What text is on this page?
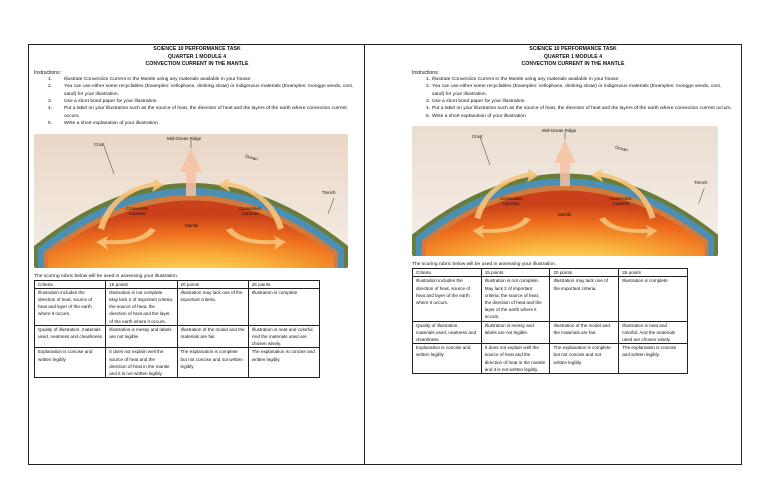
SCIENCE 10 PERFORMANCE TASK
QUARTER 1 MODULE 4
CONVECTION CURRENT IN THE MANTLE
Instructions:
1.	Illustrate Convection Current in the Mantle using any materials available in your house.
2.	You can use either some recyclables (Examples: cellophane, drinking straw) or indigenous materials (Examples: monggo seeds, corn, sand) for your illustration.
3.	Use a short bond paper for your illustration.
4.	Put a label on your illustration such as the source of heat, the direction of heat and the layers of the earth where convection current occurs.
5.	Write a short explanation of your illustration
Mid-Ocean Ridge
Crust
Ocean
Trench
Convection
Currents
Convection
Currents
Mantle
The scoring rubric below will be used in assessing your illustration.
Criteria	15 points	20 points	25 points
Illustration includes the direction of heat, source of heat and layer of the earth where it occurs.	Illustration is not complete. May lack 2 of important criteria; the source of heat, the direction of heat and the layer of the earth where it occurs.	Illustration may lack one of the important criteria.	Illustration is complete
Quality of illustration, materials used, neatness and cleanliness	Illustration is messy and labels are not legible.	Illustration of the model and the materials are fair.	Illustration is neat and colorful. And the materials used are chosen wisely.
Explanation is concise and written legibly	It does not explain well the source of heat and the direction of heat in the mantle and it is not written legibly.	The explanation is complete but not concise and not written legibly	The explanation is concise and written legibly.
SCIENCE 10 PERFORMANCE TASK
QUARTER 1 MODULE 4
CONVECTION CURRENT IN THE MANTLE
Instructions:
1. Illustrate Convection Current in the Mantle using any materials available in your house.
2. You can use either some recyclables (Examples: cellophane, drinking straw) or indigenous materials (Examples: monggo seeds, corn, sand) for your illustration.
3. Use a short bond paper for your illustration.
4. Put a label on your illustration such as the source of heat, the direction of heat and the layers of the earth where convection current occurs.
5. Write a short explanation of your illustration
Mid-Ocean Ridge
Crust
Ocean
Trench
Convection
Currents
Convective
Currents
Mantle
The scoring rubric below will be used in assessing your illustration.
Criteria	15 points	20 points	25 points
Illustration includes the direction of heat, source of heat and layer of the earth where it occurs.	Illustration is not complete. May lack 2 of important criteria; the source of heat, the direction of heat and the layer of the earth where it occurs.	Illustration may lack one of the important criteria.	Illustration is complete
Quality of illustration, materials used, neatness and cleanliness	Illustration is messy and labels are not legible.	Illustration of the model and the materials are fair.	Illustration is neat and colorful. And the materials used are chosen wisely.
Explanation is concise and written legibly	It does not explain well the source of heat and the direction of heat in the mantle and it is not written legibly.	The explanation is complete but not concise and not written legibly	The explanation is concise and written legibly.
